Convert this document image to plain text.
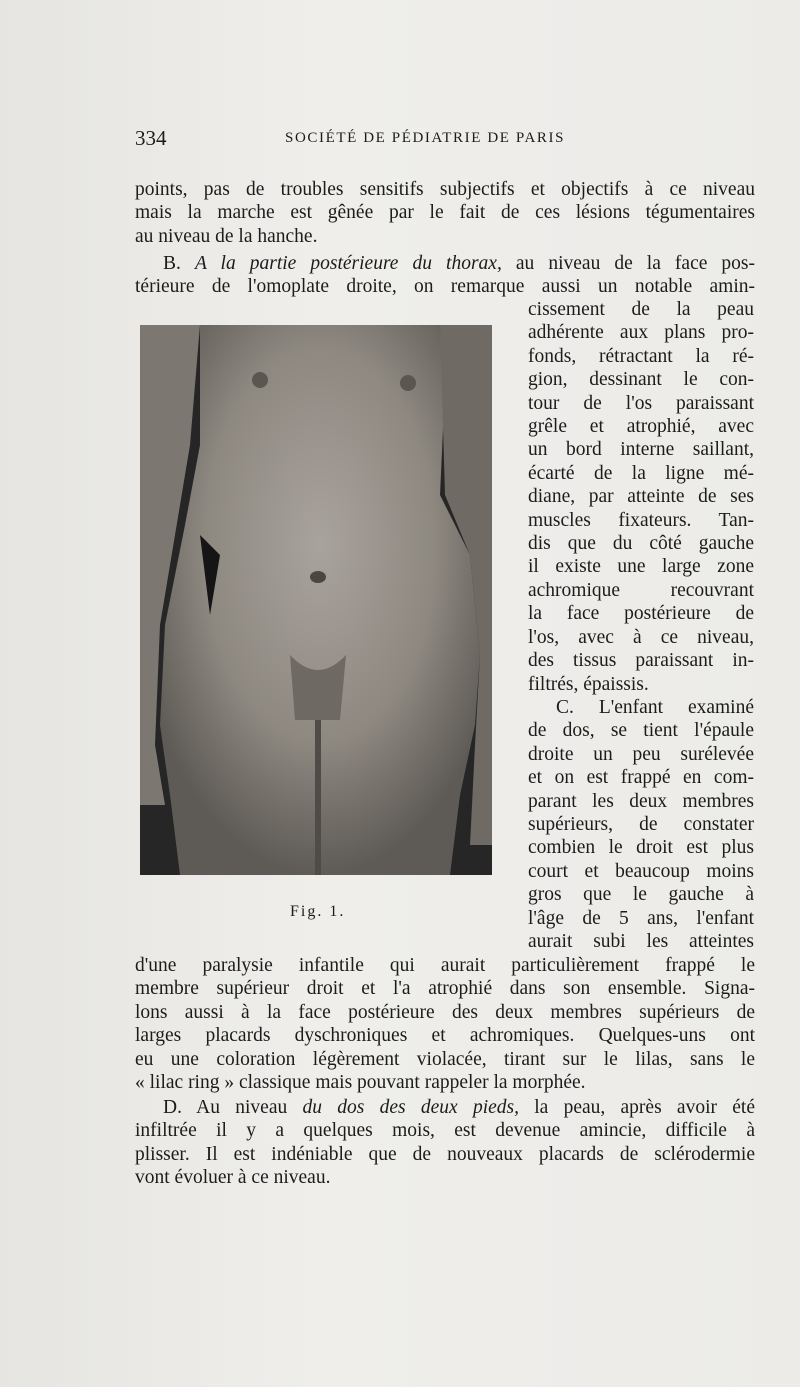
334	SOCIÉTÉ DE PÉDIATRIE DE PARIS
points, pas de troubles sensitifs subjectifs et objectifs à ce niveau
mais la marche est gênée par le fait de ces lésions tégumentaires
au niveau de la hanche.
B. A la partie postérieure du thorax, au niveau de la face pos-
térieure de l'omoplate droite, on remarque aussi un notable amin-
Fig. 1.
cissement de la peau
adhérente aux plans pro-
fonds, rétractant la ré-
gion, dessinant le con-
tour de l'os paraissant
grêle et atrophié, avec
un bord interne saillant,
écarté de la ligne mé-
diane, par atteinte de ses
muscles fixateurs. Tan-
dis que du côté gauche
il existe une large zone
achromique recouvrant
la face postérieure de
l'os, avec à ce niveau,
des tissus paraissant in-
filtrés, épaissis.
C. L'enfant examiné
de dos, se tient l'épaule
droite un peu surélevée
et on est frappé en com-
parant les deux membres
supérieurs, de constater
combien le droit est plus
court et beaucoup moins
gros que le gauche à
l'âge de 5 ans, l'enfant
aurait subi les atteintes
d'une paralysie infantile qui aurait particulièrement frappé le
membre supérieur droit et l'a atrophié dans son ensemble. Signa-
lons aussi à la face postérieure des deux membres supérieurs de
larges placards dyschroniques et achromiques. Quelques-uns ont
eu une coloration légèrement violacée, tirant sur le lilas, sans le
« lilac ring » classique mais pouvant rappeler la morphée.
D. Au niveau du dos des deux pieds, la peau, après avoir été
infiltrée il y a quelques mois, est devenue amincie, difficile à
plisser. Il est indéniable que de nouveaux placards de sclérodermie
vont évoluer à ce niveau.
